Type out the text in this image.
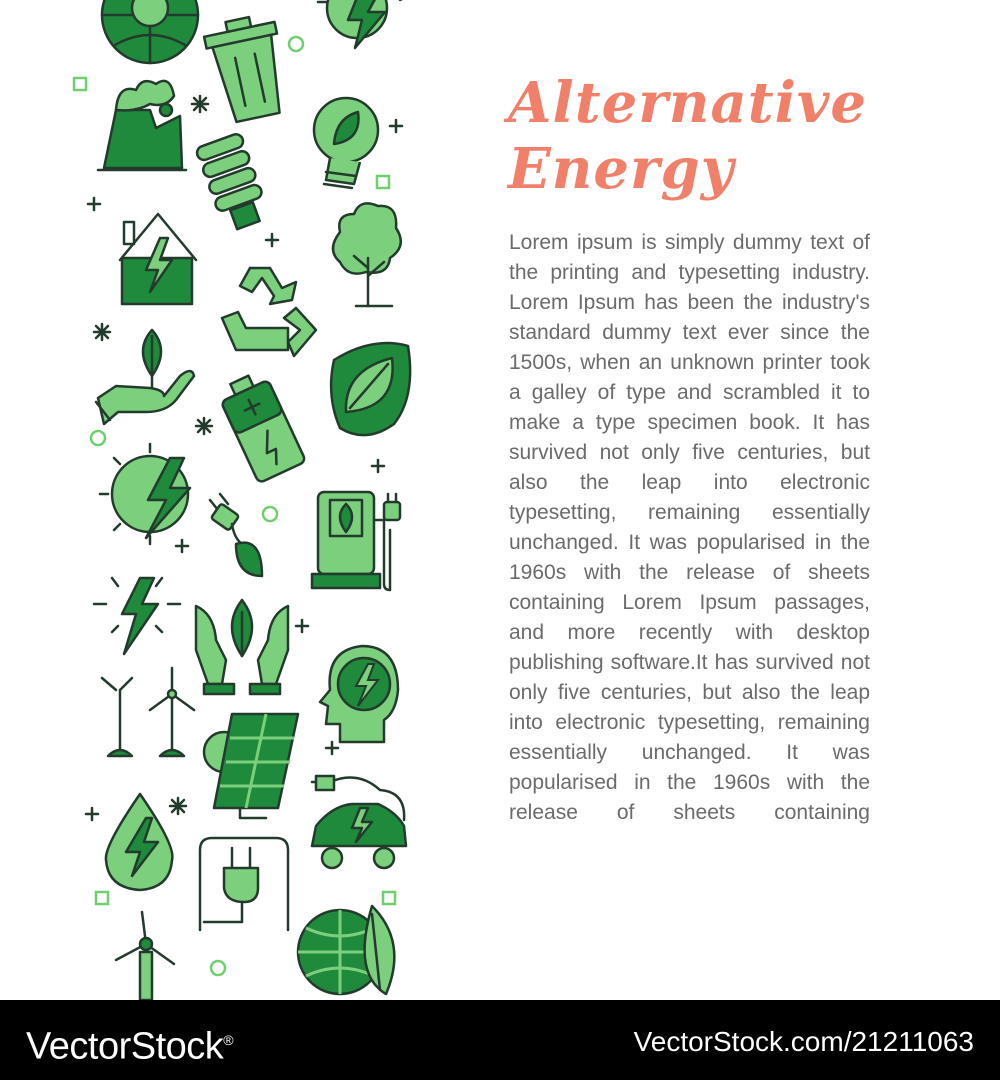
Alternative
Energy

Lorem ipsum is simply dummy text of the printing and typesetting industry. Lorem Ipsum has been the industry's standard dummy text ever since the 1500s, when an unknown printer took a galley of type and scrambled it to make a type specimen book. It has survived not only five centuries, but also the leap into electronic typesetting, remaining essentially unchanged. It was popularised in the 1960s with the release of sheets containing Lorem Ipsum passages, and more recently with desktop publishing software.It has survived not only five centuries, but also the leap into electronic typesetting, remaining essentially unchanged. It was popularised in the 1960s with the release of sheets containing

VectorStock®	VectorStock.com/21211063
